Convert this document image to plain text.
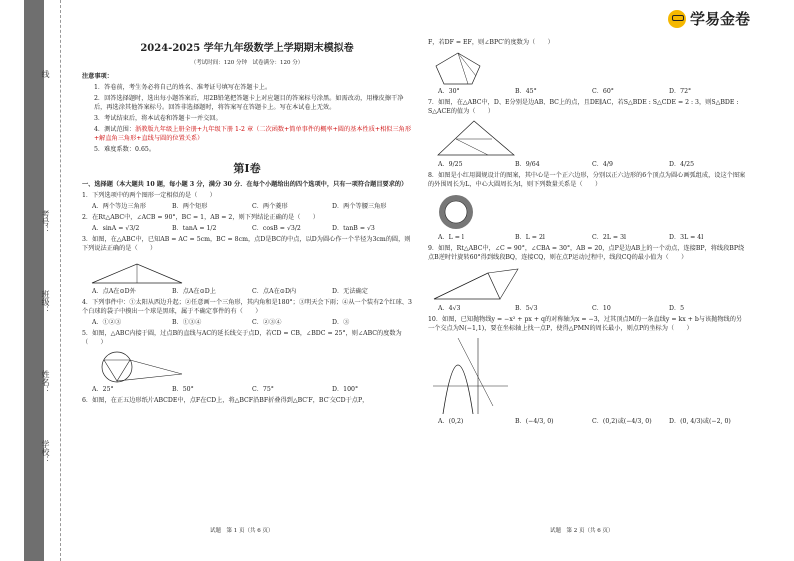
线
考号：
班级：
姓名：
学校：
学易金卷
2024-2025 学年九年级数学上学期期末模拟卷
（考试时间：120 分钟　试卷满分：120 分）
注意事项：
1．答卷前，考生务必将自己的姓名、准考证号填写在答题卡上。
2．回答选择题时，选出每小题答案后，用2B铅笔把答题卡上对应题目的答案标号涂黑。如需改动，用橡皮擦干净后，再选涂其他答案标号。回答非选择题时，将答案写在答题卡上。写在本试卷上无效。
3．考试结束后，将本试卷和答题卡一并交回。
4．测试范围：浙教版九年级上册全册+九年级下册 1-2 章（二次函数+简单事件的概率+圆的基本性质+相似三角形+解直角三角形+直线与圆的位置关系）
5．难度系数：0.65。
第Ⅰ卷
一、选择题（本大题共 10 题，每小题 3 分，满分 30 分．在每个小题给出的四个选项中，只有一项符合题目要求的）
1．下列选项中的两个图形一定相似的是（　　）
A．两个等边三角形	B．两个矩形	C．两个菱形	D．两个等腰三角形
2．在Rt△ABC中，∠ACB = 90°，BC = 1，AB = 2，则下列结论正确的是（　　）
A．sinA = √3/2	B．tanA = 1/2	C．cosB = √3/2	D．tanB = √3
3．如图，在△ABC中，已知AB = AC = 5cm，BC = 8cm，点D是BC的中点，以D为圆心作一个半径为3cm的圆，则下列说法正确的是（　　）
A．点A在⊙D外	B．点A在⊙D上	C．点A在⊙D内	D．无法确定
4．下列事件中：①太阳从西边升起；②任意画一个三角形，其内角和是180°；③明天会下雨；④从一个装有2个红球、3个白球的袋子中摸出一个球是黑球，属于不确定事件的有（　　）
A．①②③	B．①③④	C．②③④	D．③
5．如图，△ABC内接于圆，过点B的直线与AC的延长线交于点D，若CD = CB，∠BDC = 25°，则∠ABC的度数为（　　）
A．25°	B．50°	C．75°	D．100°
6．如图，在正五边形纸片ABCDE中，点F在CD上，将△BCF沿BF折叠得到△BC′F，BC′交CD于点P，
F，若DF = EF，则∠BPC′的度数为（　　）
A．30°	B．45°	C．60°	D．72°
7．如图，在△ABC中，D、E分别是边AB、BC上的点，且DE∥AC，若S△BDE : S△CDE = 2 : 3，则S△BDE : S△ACE的值为（　　）
A．9/25	B．9/64	C．4/9	D．4/25
8．如图是小红用圆规设计的图案，其中心是一个正六边形，分别以正六边形的6个顶点为圆心画弧组成，设这个图案的外围周长为L，中心大圆周长为l，则下列数量关系是（　　）
A．L = l	B．L = 2l	C．2L = 3l	D．3L = 4l
9．如图，Rt△ABC中，∠C = 90°，∠CBA = 30°，AB = 20，点P是边AB上的一个动点，连接BP，将线段BP绕点B逆时针旋转60°得到线段BQ，连接CQ，则在点P运动过程中，线段CQ的最小值为（　　）
A．4√3	B．5√3	C．10	D．5
10．如图，已知抛物线y = −x² + px + q的对称轴为x = −3，过其顶点M的一条直线y = kx + b与该抛物线的另一个交点为N(−1,1)，要在坐标轴上找一点P，使得△PMN的周长最小，则点P的坐标为（　　）
A．(0,2)	B．(−4/3, 0)	C．(0,2)或(−4/3, 0)	D．(0, 4/3)或(−2, 0)
试题　第 1 页（共 6 页）	试题　第 2 页（共 6 页）
